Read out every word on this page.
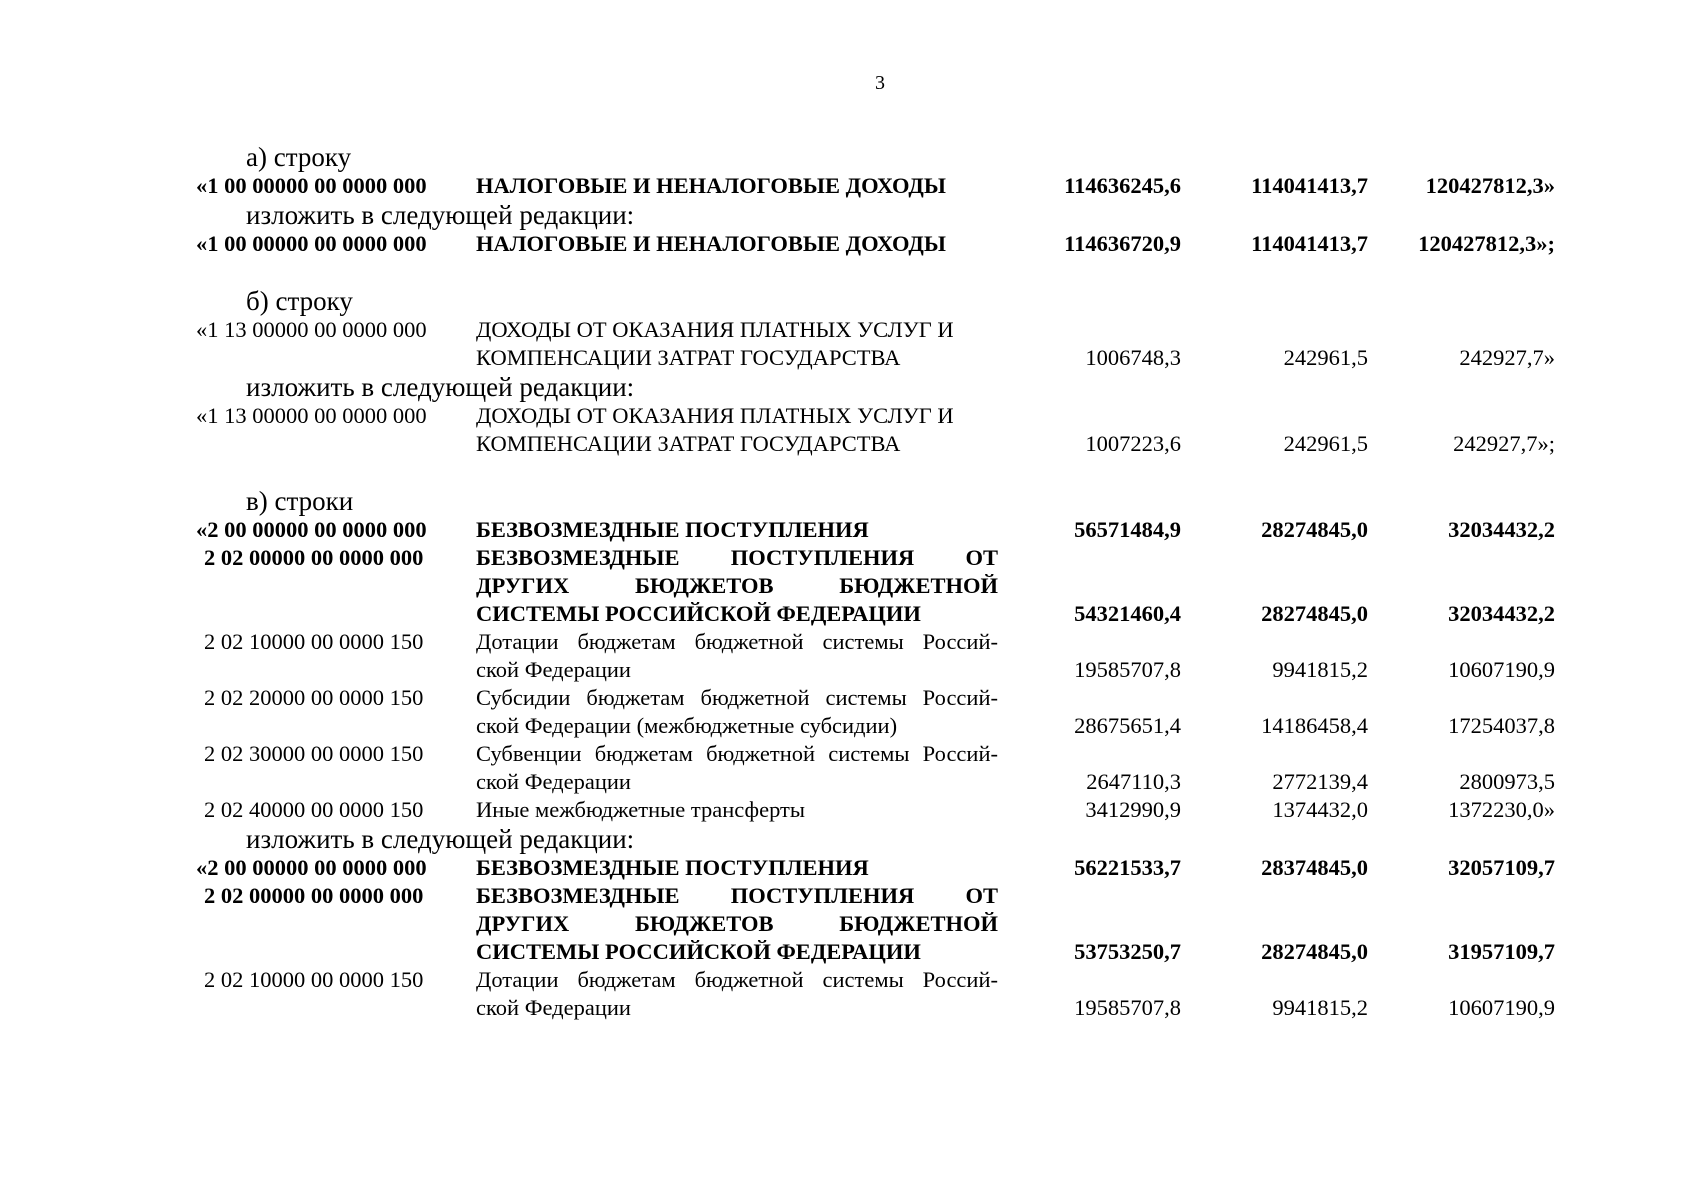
3
а) строку
«1 00 00000 00 0000 000	НАЛОГОВЫЕ И НЕНАЛОГОВЫЕ ДОХОДЫ	114636245,6	114041413,7	120427812,3»
изложить в следующей редакции:
«1 00 00000 00 0000 000	НАЛОГОВЫЕ И НЕНАЛОГОВЫЕ ДОХОДЫ	114636720,9	114041413,7	120427812,3»;
б) строку
«1 13 00000 00 0000 000	ДОХОДЫ ОТ ОКАЗАНИЯ ПЛАТНЫХ УСЛУГ И
КОМПЕНСАЦИИ ЗАТРАТ ГОСУДАРСТВА	1006748,3	242961,5	242927,7»
изложить в следующей редакции:
«1 13 00000 00 0000 000	ДОХОДЫ ОТ ОКАЗАНИЯ ПЛАТНЫХ УСЛУГ И
КОМПЕНСАЦИИ ЗАТРАТ ГОСУДАРСТВА	1007223,6	242961,5	242927,7»;
в) строки
«2 00 00000 00 0000 000	БЕЗВОЗМЕЗДНЫЕ ПОСТУПЛЕНИЯ	56571484,9	28274845,0	32034432,2
2 02 00000 00 0000 000	БЕЗВОЗМЕЗДНЫЕ ПОСТУПЛЕНИЯ ОТ
ДРУГИХ БЮДЖЕТОВ БЮДЖЕТНОЙ
СИСТЕМЫ РОССИЙСКОЙ ФЕДЕРАЦИИ	54321460,4	28274845,0	32034432,2
2 02 10000 00 0000 150	Дотации бюджетам бюджетной системы Россий-
ской Федерации	19585707,8	9941815,2	10607190,9
2 02 20000 00 0000 150	Субсидии бюджетам бюджетной системы Россий-
ской Федерации (межбюджетные субсидии)	28675651,4	14186458,4	17254037,8
2 02 30000 00 0000 150	Субвенции бюджетам бюджетной системы Россий-
ской Федерации	2647110,3	2772139,4	2800973,5
2 02 40000 00 0000 150	Иные межбюджетные трансферты	3412990,9	1374432,0	1372230,0»
изложить в следующей редакции:
«2 00 00000 00 0000 000	БЕЗВОЗМЕЗДНЫЕ ПОСТУПЛЕНИЯ	56221533,7	28374845,0	32057109,7
2 02 00000 00 0000 000	БЕЗВОЗМЕЗДНЫЕ ПОСТУПЛЕНИЯ ОТ
ДРУГИХ БЮДЖЕТОВ БЮДЖЕТНОЙ
СИСТЕМЫ РОССИЙСКОЙ ФЕДЕРАЦИИ	53753250,7	28274845,0	31957109,7
2 02 10000 00 0000 150	Дотации бюджетам бюджетной системы Россий-
ской Федерации	19585707,8	9941815,2	10607190,9
